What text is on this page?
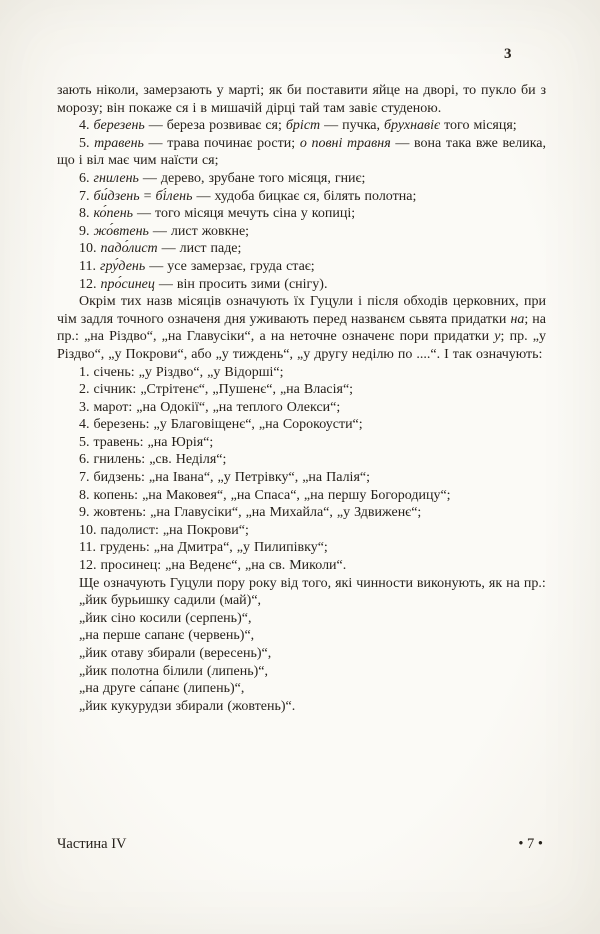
3

зають ніколи, замерзають у марті; як би поставити яйце на дворі, то пукло би з морозу; він покаже ся і в мишачій дірці тай там завіє студеною.

4. березень — береза розвиває ся; бріст — пучка, брухнавіє того місяця;

5. травень — трава починає рости; о повні травня — вона така вже велика, що і віл має чим наїсти ся;

6. гнилень — дерево, зрубане того місяця, гниє;

7. би́дзень = бі́лень — худоба бицкає ся, білять полотна;

8. ко́пень — того місяця мечуть сіна у копиці;

9. жо́втень — лист жовкне;

10. падо́лист — лист паде;

11. гру́день — усе замерзає, груда стає;

12. про́синец — він просить зими (снігу).

Окрім тих назв місяців означують їх Гуцули і після обходів церковних, при чім задля точного означеня дня уживають перед названєм сьвята придатки на; на пр.: „на Різдво“, „на Главусіки“, а на неточне означенє пори придатки у; пр. „у Різдво“, „у Покрови“, або „у тиждень“, „у другу неділю по ....“. І так означують:

1. січень: „у Різдво“, „у Відорші“;

2. січник: „Стрітенє“, „Пушенє“, „на Власія“;

3. марот: „на Одокії“, „на теплого Олекси“;

4. березень: „у Благовіщенє“, „на Сорокоусти“;

5. травень: „на Юрія“;

6. гнилень: „св. Неділя“;

7. бидзень: „на Івана“, „у Петрівку“, „на Палія“;

8. копень: „на Маковея“, „на Спаса“, „на першу Богородицу“;

9. жовтень: „на Главусіки“, „на Михайла“, „у Здвиженє“;

10. падолист: „на Покрови“;

11. грудень: „на Дмитра“, „у Пилипівку“;

12. просинец: „на Веденє“, „на св. Миколи“.

Ще означують Гуцули пору року від того, які чинности виконують, як на пр.:

„йик бурьишку садили (май)“,

„йик сіно косили (серпень)“,

„на перше сапанє (червень)“,

„йик отаву збирали (вересень)“,

„йик полотна білили (липень)“,

„на друге са́панє (липень)“,

„йик кукурудзи збирали (жовтень)“.

Частина IV	• 7 •
